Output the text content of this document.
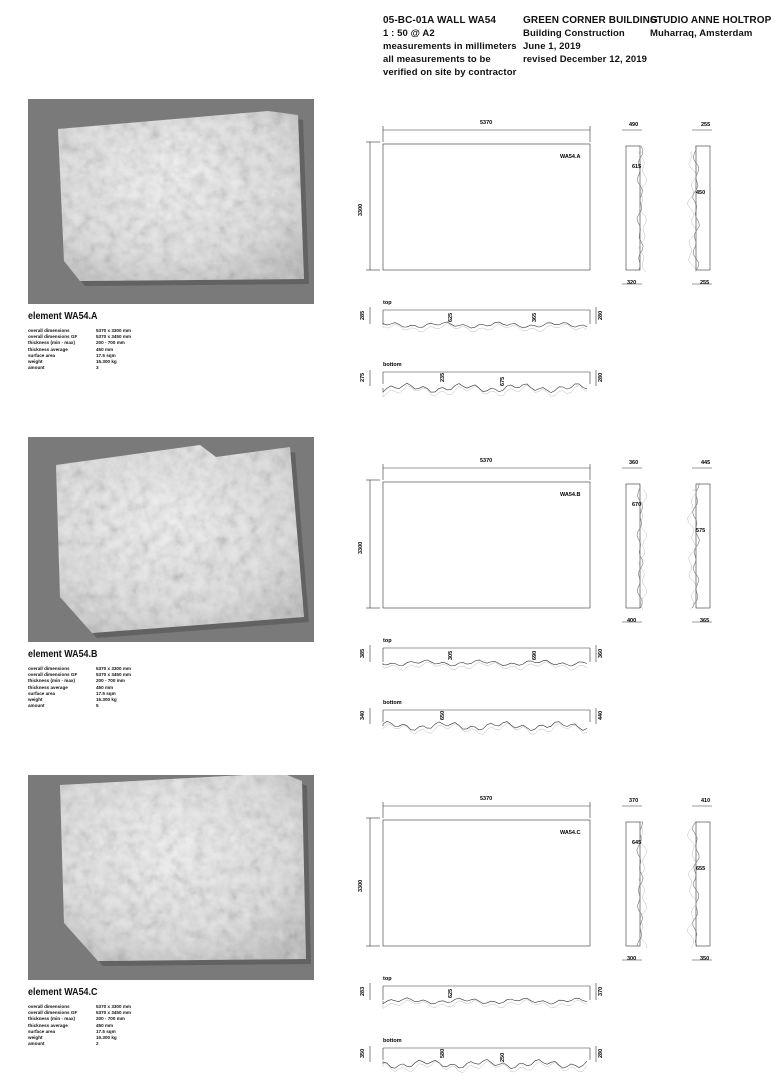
05-BC-01A WALL WA54
1 : 50 @ A2
measurements in millimeters
all measurements to be
verified on site by contractor
GREEN CORNER BUILDING
Building Construction
June 1, 2019
revised December 12, 2019
STUDIO ANNE HOLTROP
Muharraq, Amsterdam
element WA54.A
overall dimensions	5370 x 3300 mm
overall dimensions GF	5370 x 3450 mm
thickness (min - max)	200 - 700 mm
thickness average	450 mm
surface area	17.5 sqm
weight	15.300 kg
amount	3
5370
3300
WA54.A
490
615
320
255
450
255
top
285	625	365	280
bottom
275	235	675	280
element WA54.B
overall dimensions	5370 x 3300 mm
overall dimensions GF	5370 x 3450 mm
thickness (min - max)	200 - 700 mm
thickness average	450 mm
surface area	17.5 sqm
weight	15.300 kg
amount	5
5370
3300
WA54.B
360
670
400
445
575
365
top
385	305	690	360
bottom
340	650	440
element WA54.C
overall dimensions	5370 x 3300 mm
overall dimensions GF	5370 x 3450 mm
thickness (min - max)	200 - 700 mm
thickness average	450 mm
surface area	17.5 sqm
weight	15.300 kg
amount	2
5370
3300
WA54.C
370
645
300
410
655
350
top
283	625	370
bottom
350	580	250	280
